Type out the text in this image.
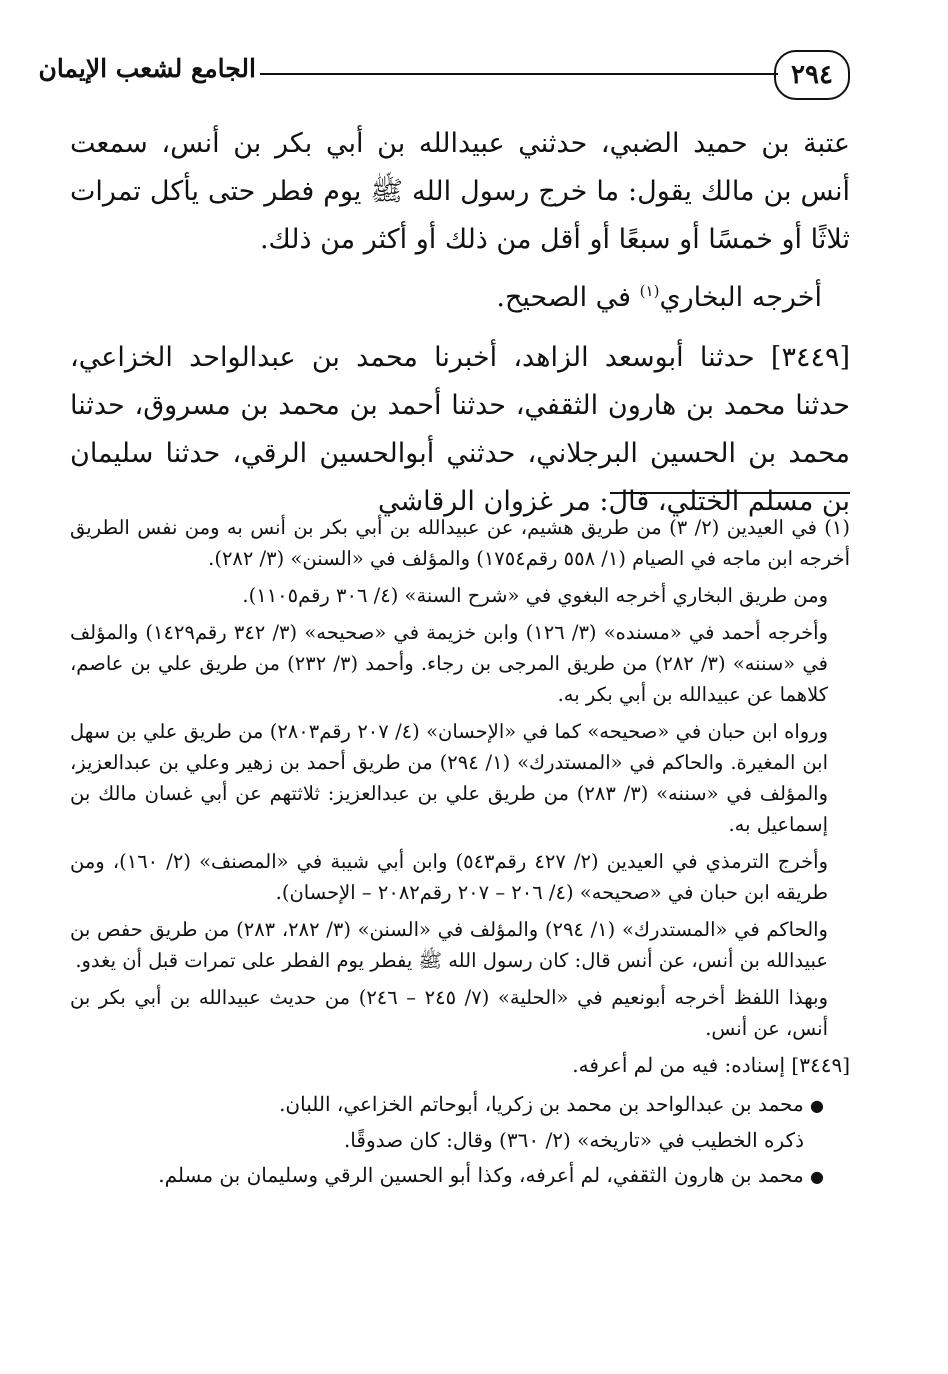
٢٩٤
الجامع لشعب الإيمان

عتبة بن حميد الضبي، حدثني عبيدالله بن أبي بكر بن أنس، سمعت أنس بن مالك يقول: ما خرج رسول الله ﷺ يوم فطر حتى يأكل تمرات ثلاثًا أو خمسًا أو سبعًا أو أقل من ذلك أو أكثر من ذلك.

أخرجه البخاري$^{(١)}$ في الصحيح.

[٣٤٤٩] حدثنا أبوسعد الزاهد، أخبرنا محمد بن عبدالواحد الخزاعي، حدثنا محمد بن هارون الثقفي، حدثنا أحمد بن محمد بن مسروق، حدثنا محمد بن الحسين البرجلاني، حدثني أبوالحسين الرقي، حدثنا سليمان بن مسلم الختلي، قال: مر غزوان الرقاشي

(١) في العيدين (٢/ ٣) من طريق هشيم، عن عبيدالله بن أبي بكر بن أنس به ومن نفس الطريق أخرجه ابن ماجه في الصيام (١/ ٥٥٨ رقم١٧٥٤) والمؤلف في «السنن» (٣/ ٢٨٢).

ومن طريق البخاري أخرجه البغوي في «شرح السنة» (٤/ ٣٠٦ رقم١١٠٥).

وأخرجه أحمد في «مسنده» (٣/ ١٢٦) وابن خزيمة في «صحيحه» (٣/ ٣٤٢ رقم١٤٢٩) والمؤلف في «سننه» (٣/ ٢٨٢) من طريق المرجى بن رجاء. وأحمد (٣/ ٢٣٢) من طريق علي بن عاصم، كلاهما عن عبيدالله بن أبي بكر به.

ورواه ابن حبان في «صحيحه» كما في «الإحسان» (٤/ ٢٠٧ رقم٢٨٠٣) من طريق علي بن سهل ابن المغيرة. والحاكم في «المستدرك» (١/ ٢٩٤) من طريق أحمد بن زهير وعلي بن عبدالعزيز، والمؤلف في «سننه» (٣/ ٢٨٣) من طريق علي بن عبدالعزيز: ثلاثتهم عن أبي غسان مالك بن إسماعيل به.

وأخرج الترمذي في العيدين (٢/ ٤٢٧ رقم٥٤٣) وابن أبي شيبة في «المصنف» (٢/ ١٦٠)، ومن طريقه ابن حبان في «صحيحه» (٤/ ٢٠٦ – ٢٠٧ رقم٢٠٨٢ – الإحسان).

والحاكم في «المستدرك» (١/ ٢٩٤) والمؤلف في «السنن» (٣/ ٢٨٢، ٢٨٣) من طريق حفص بن عبيدالله بن أنس، عن أنس قال: كان رسول الله ﷺ يفطر يوم الفطر على تمرات قبل أن يغدو.

وبهذا اللفظ أخرجه أبونعيم في «الحلية» (٧/ ٢٤٥ – ٢٤٦) من حديث عبيدالله بن أبي بكر بن أنس، عن أنس.

[٣٤٤٩] إسناده: فيه من لم أعرفه.

● محمد بن عبدالواحد بن محمد بن زكريا، أبوحاتم الخزاعي، اللبان.

ذكره الخطيب في «تاريخه» (٢/ ٣٦٠) وقال: كان صدوقًا.

● محمد بن هارون الثقفي، لم أعرفه، وكذا أبو الحسين الرقي وسليمان بن مسلم.
